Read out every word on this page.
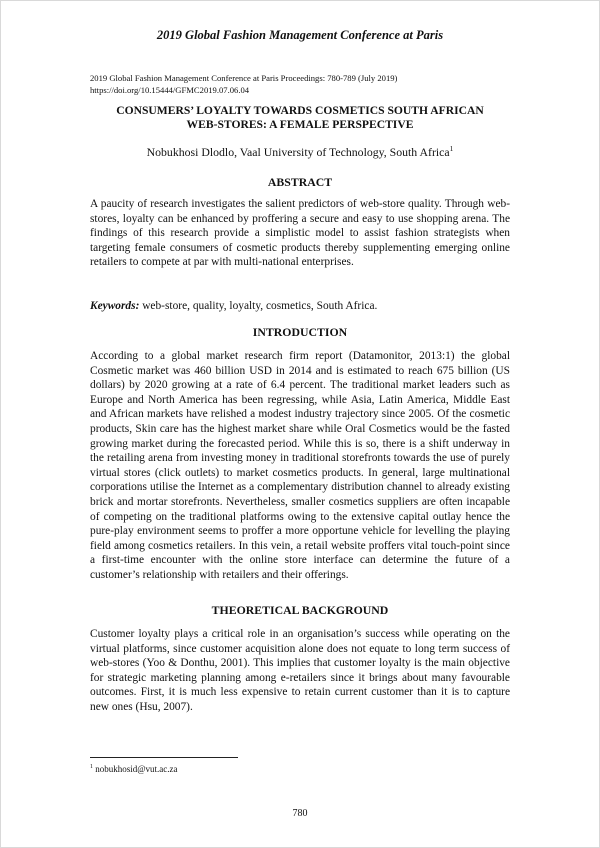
2019 Global Fashion Management Conference at Paris
2019 Global Fashion Management Conference at Paris Proceedings: 780-789 (July 2019)
https://doi.org/10.15444/GFMC2019.07.06.04
CONSUMERS’ LOYALTY TOWARDS COSMETICS SOUTH AFRICAN
WEB-STORES: A FEMALE PERSPECTIVE
Nobukhosi Dlodlo, Vaal University of Technology, South Africa$^1$
ABSTRACT
A paucity of research investigates the salient predictors of web-store quality. Through web-stores, loyalty can be enhanced by proffering a secure and easy to use shopping arena. The findings of this research provide a simplistic model to assist fashion strategists when targeting female consumers of cosmetic products thereby supplementing emerging online retailers to compete at par with multi-national enterprises.
Keywords: web-store, quality, loyalty, cosmetics, South Africa.
INTRODUCTION
According to a global market research firm report (Datamonitor, 2013:1) the global Cosmetic market was 460 billion USD in 2014 and is estimated to reach 675 billion (US dollars) by 2020 growing at a rate of 6.4 percent. The traditional market leaders such as Europe and North America has been regressing, while Asia, Latin America, Middle East and African markets have relished a modest industry trajectory since 2005. Of the cosmetic products, Skin care has the highest market share while Oral Cosmetics would be the fasted growing market during the forecasted period. While this is so, there is a shift underway in the retailing arena from investing money in traditional storefronts towards the use of purely virtual stores (click outlets) to market cosmetics products. In general, large multinational corporations utilise the Internet as a complementary distribution channel to already existing brick and mortar storefronts. Nevertheless, smaller cosmetics suppliers are often incapable of competing on the traditional platforms owing to the extensive capital outlay hence the pure-play environment seems to proffer a more opportune vehicle for levelling the playing field among cosmetics retailers. In this vein, a retail website proffers vital touch-point since a first-time encounter with the online store interface can determine the future of a customer’s relationship with retailers and their offerings.
THEORETICAL BACKGROUND
Customer loyalty plays a critical role in an organisation’s success while operating on the virtual platforms, since customer acquisition alone does not equate to long term success of web-stores (Yoo & Donthu, 2001). This implies that customer loyalty is the main objective for strategic marketing planning among e-retailers since it brings about many favourable outcomes. First, it is much less expensive to retain current customer than it is to capture new ones (Hsu, 2007).
$^1$ nobukhosid@vut.ac.za
780
